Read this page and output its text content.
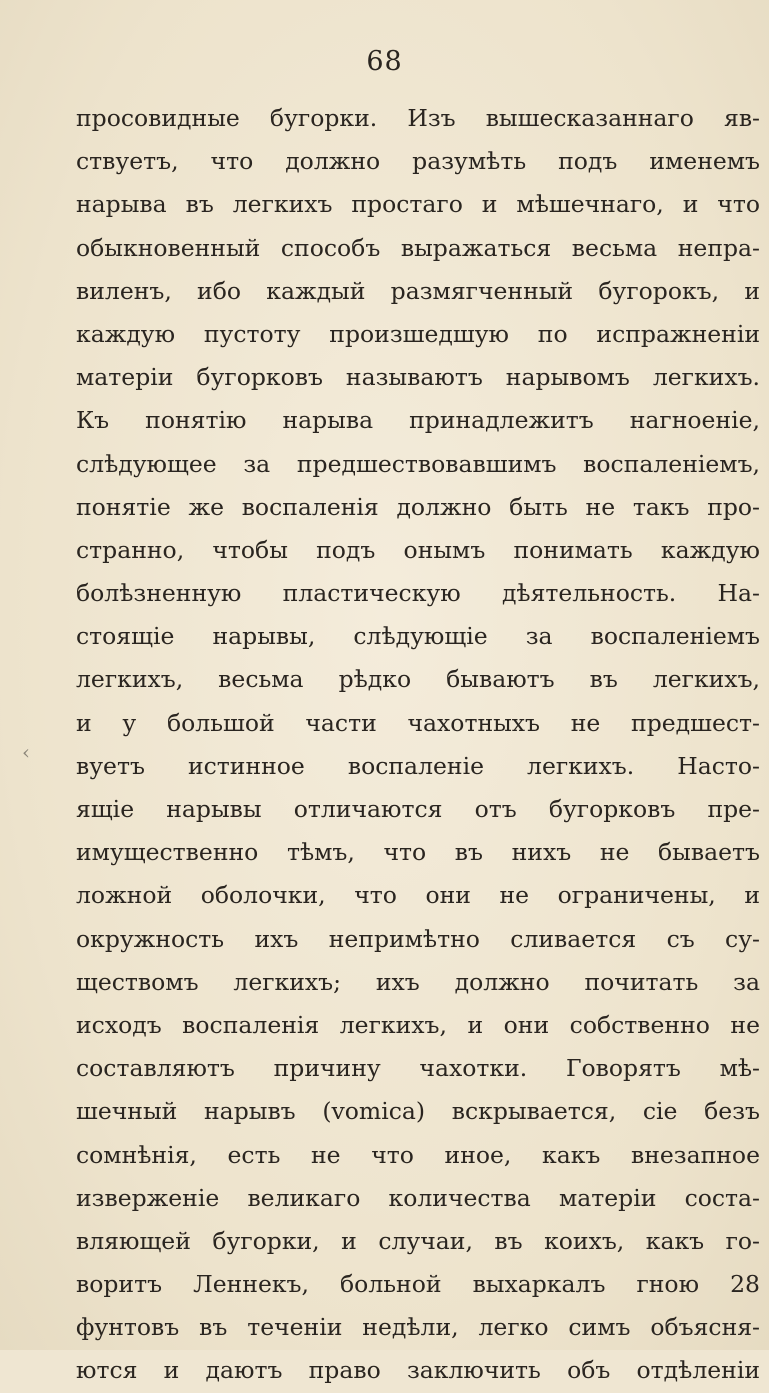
68
‹
просовидные бугорки. Изъ вышесказаннаго яв-
ствуетъ, что должно разумѣть подъ именемъ
нарыва въ легкихъ простаго и мѣшечнаго, и что
обыкновенный способъ выражаться весьма непра-
виленъ, ибо каждый размягченный бугорокъ, и
каждую пустоту произшедшую по испражненіи
матеріи бугорковъ называютъ нарывомъ легкихъ.
Къ понятію нарыва принадлежитъ нагноеніе,
слѣдующее за предшествовавшимъ воспаленіемъ,
понятіе же воспаленія должно быть не такъ про-
странно, чтобы подъ онымъ понимать каждую
болѣзненную пластическую дѣятельность. На-
стоящіе нарывы, слѣдующіе за воспаленіемъ
легкихъ, весьма рѣдко бываютъ въ легкихъ,
и у большой части чахотныхъ не предшест-
вуетъ истинное воспаленіе легкихъ. Насто-
ящіе нарывы отличаются отъ бугорковъ пре-
имущественно тѣмъ, что въ нихъ не бываетъ
ложной оболочки, что они не ограничены, и
окружность ихъ непримѣтно сливается съ су-
ществомъ легкихъ; ихъ должно почитать за
исходъ воспаленія легкихъ, и они собственно не
составляютъ причину чахотки. Говорятъ мѣ-
шечный нарывъ (vomica) вскрывается, сіе безъ
сомнѣнія, есть не что иное, какъ внезапное
изверженіе великаго количества матеріи соста-
вляющей бугорки, и случаи, въ коихъ, какъ го-
воритъ Леннекъ, больной выхаркалъ гною 28
фунтовъ въ теченіи недѣли, легко симъ объясня-
ются и даютъ право заключить объ отдѣленіи
